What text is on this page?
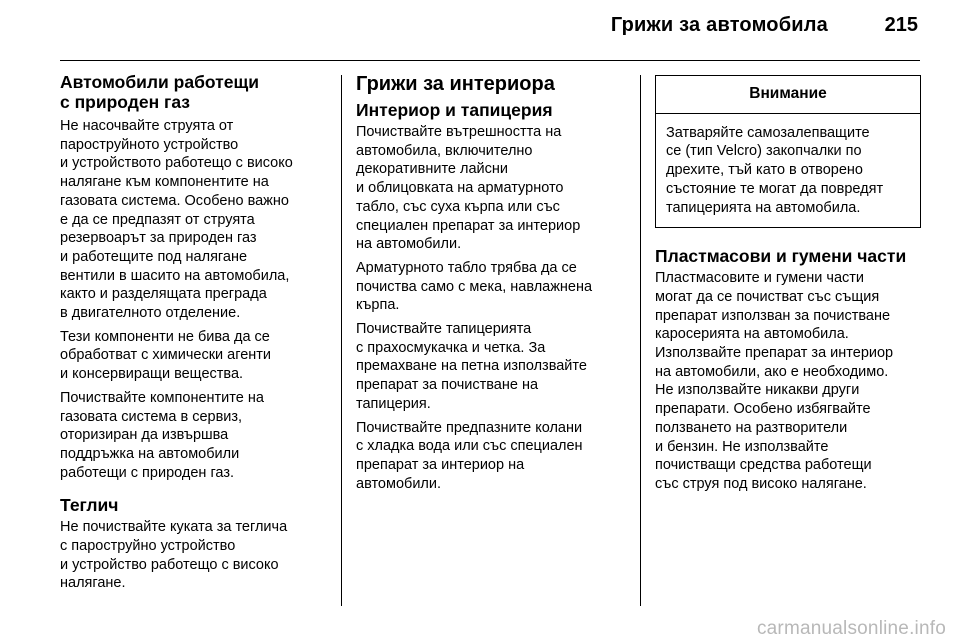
Грижи за автомобила	215
Автомобили работещи
с природен газ
Не насочвайте струята от
пароструйното устройство
и устройството работещо с високо
налягане към компонентите на
газовата система. Особено важно
е да се предпазят от струята
резервоарът за природен газ
и работещите под налягане
вентили в шасито на автомобила,
както и разделящата преграда
в двигателното отделение.
Тези компоненти не бива да се
обработват с химически агенти
и консервиращи вещества.
Почиствайте компонентите на
газовата система в сервиз,
оторизиран да извършва
поддръжка на автомобили
работещи с природен газ.
Теглич
Не почиствайте куката за теглича
с пароструйно устройство
и устройство работещо с високо
налягане.
Грижи за интериора
Интериор и тапицерия
Почиствайте вътрешността на
автомобила, включително
декоративните лайсни
и облицовката на арматурното
табло, със суха кърпа или със
специален препарат за интериор
на автомобили.
Арматурното табло трябва да се
почиства само с мека, навлажнена
кърпа.
Почиствайте тапицерията
с прахосмукачка и четка. За
премахване на петна използвайте
препарат за почистване на
тапицерия.
Почиствайте предпазните колани
с хладка вода или със специален
препарат за интериор на
автомобили.
Внимание
Затваряйте самозалепващите
се (тип Velcro) закопчалки по
дрехите, тъй като в отворено
състояние те могат да повредят
тапицерията на автомобила.
Пластмасови и гумени части
Пластмасовите и гумени части
могат да се почистват със същия
препарат използван за почистване
каросерията на автомобила.
Използвайте препарат за интериор
на автомобили, ако е необходимо.
Не използвайте никакви други
препарати. Особено избягвайте
ползването на разтворители
и бензин. Не използвайте
почистващи средства работещи
със струя под високо налягане.
carmanualsonline.info
